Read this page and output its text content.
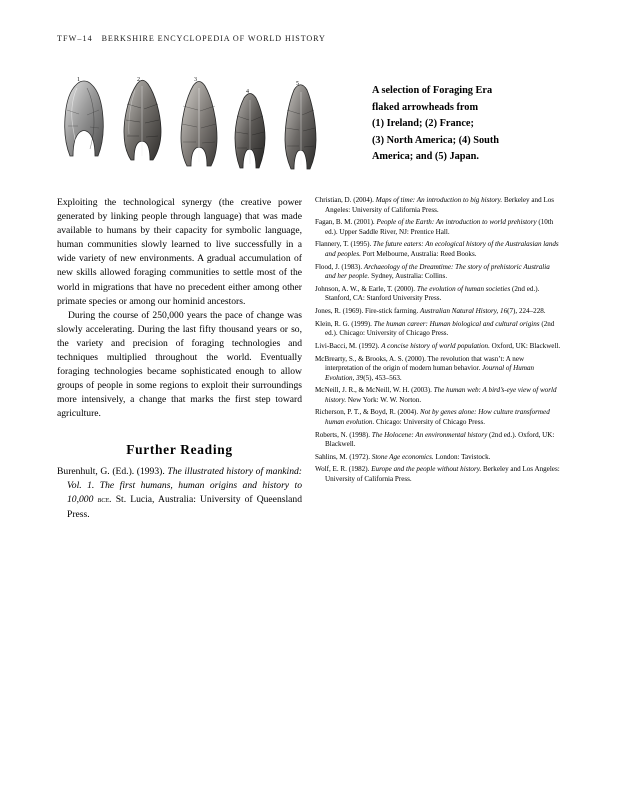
TFW–14 BERKSHIRE ENCYCLOPEDIA OF WORLD HISTORY
1	2	3
4
5
A selection of Foraging Era
flaked arrowheads from
(1) Ireland; (2) France;
(3) North America; (4) South
America; and (5) Japan.

Exploiting the technological synergy (the creative power generated by linking people through language) that was made available to humans by their capacity for symbolic language, human communities slowly learned to live successfully in a wide variety of new environments. A gradual accumulation of new skills allowed foraging communities to settle most of the world in migrations that have no precedent either among other primate species or among our hominid ancestors.

During the course of 250,000 years the pace of change was slowly accelerating. During the last fifty thousand years or so, the variety and precision of foraging technologies and techniques multiplied throughout the world. Eventually foraging technologies became sophisticated enough to allow groups of people in some regions to exploit their surroundings more intensively, a change that marks the first step toward agriculture.

Further Reading

Burenhult, G. (Ed.). (1993). The illustrated history of mankind: Vol. 1. The first humans, human origins and history to 10,000 BCE. St. Lucia, Australia: University of Queensland Press.

Christian, D. (2004). Maps of time: An introduction to big history. Berkeley and Los Angeles: University of California Press.

Fagan, B. M. (2001). People of the Earth: An introduction to world prehistory (10th ed.). Upper Saddle River, NJ: Prentice Hall.

Flannery, T. (1995). The future eaters: An ecological history of the Australasian lands and peoples. Port Melbourne, Australia: Reed Books.

Flood, J. (1983). Archaeology of the Dreamtime: The story of prehistoric Australia and her people. Sydney, Australia: Collins.

Johnson, A. W., & Earle, T. (2000). The evolution of human societies (2nd ed.). Stanford, CA: Stanford University Press.

Jones, R. (1969). Fire-stick farming. Australian Natural History, 16(7), 224–228.

Klein, R. G. (1999). The human career: Human biological and cultural origins (2nd ed.). Chicago: University of Chicago Press.

Livi-Bacci, M. (1992). A concise history of world population. Oxford, UK: Blackwell.

McBrearty, S., & Brooks, A. S. (2000). The revolution that wasn’t: A new interpretation of the origin of modern human behavior. Journal of Human Evolution, 39(5), 453–563.

McNeill, J. R., & McNeill, W. H. (2003). The human web: A bird’s-eye view of world history. New York: W. W. Norton.

Richerson, P. T., & Boyd, R. (2004). Not by genes alone: How culture transformed human evolution. Chicago: University of Chicago Press.

Roberts, N. (1998). The Holocene: An environmental history (2nd ed.). Oxford, UK: Blackwell.

Sahlins, M. (1972). Stone Age economics. London: Tavistock.

Wolf, E. R. (1982). Europe and the people without history. Berkeley and Los Angeles: University of California Press.
